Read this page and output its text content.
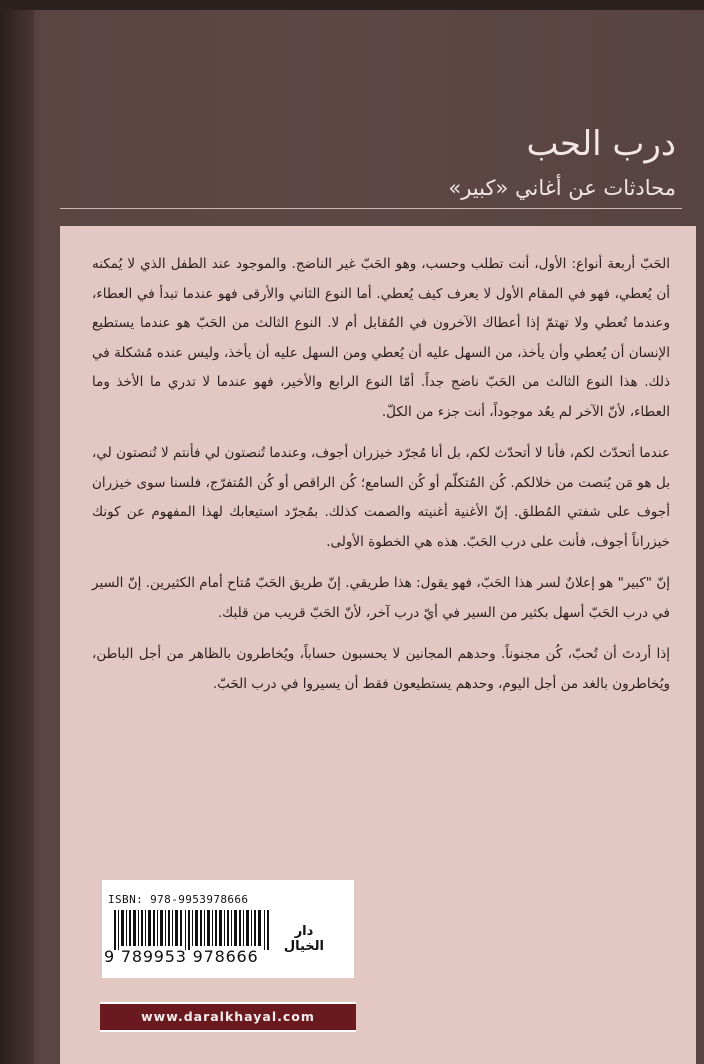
درب الحب
محادثات عن أغاني «كبير»

الحَبّ أربعة أنواع: الأول، أنت تطلب وحسب، وهو الحَبّ غير الناضج. والموجود عند الطفل الذي لا يُمكنه أن يُعطي، فهو في المقام الأول لا يعرف كيف يُعطي. أما النوع الثاني والأرقى فهو عندما تبدأ في العطاء، وعندما تُعطي ولا تهتمّ إذا أعطاك الآخرون في المُقابل أم لا. النوع الثالث من الحَبّ هو عندما يستطيع الإنسان أن يُعطي وأن يأخذ، من السهل عليه أن يُعطي ومن السهل عليه أن يأخذ، وليس عنده مُشكلة في ذلك. هذا النوع الثالث من الحَبّ ناضج جداً. أمّا النوع الرابع والأخير، فهو عندما لا تدري ما الأخذ وما العطاء، لأنّ الآخر لم يعُد موجوداً، أنت جزء من الكلّ.

عندما أتحدّث لكم، فأنا لا أتحدّث لكم، بل أنا مُجرّد خيزران أجوف، وعندما تُنصتون لي فأنتم لا تُنصتون لي، بل هو مَن يُنصت من خلالكم. كُن المُتكلّم أو كُن السامع؛ كُن الراقص أو كُن المُتفرّج، فلسنا سوى خيزران أجوف على شفتي المُطلق. إنّ الأغنية أغنيته والصمت كذلك. بمُجرّد استيعابك لهذا المفهوم عن كونك خيزراناً أجوف، فأنت على درب الحَبّ. هذه هي الخطوة الأولى.

إنّ "كبير" هو إعلانٌ لسر هذا الحَبّ، فهو يقول: هذا طريقي. إنّ طريق الحَبّ مُتاح أمام الكثيرين. إنّ السير في درب الحَبّ أسهل بكثير من السير في أيّ درب آخر، لأنّ الحَبّ قريب من قلبك.

إذا أردتَ أن تُحبّ، كُن مجنوناً. وحدهم المجانين لا يحسبون حساباً، ويُخاطرون بالظاهر من أجل الباطن، ويُخاطرون بالغد من أجل اليوم، وحدهم يستطيعون فقط أن يسيروا في درب الحَبّ.

ISBN: 978-9953978666
9 789953 978666
دار الخيال
www.daralkhayal.com
